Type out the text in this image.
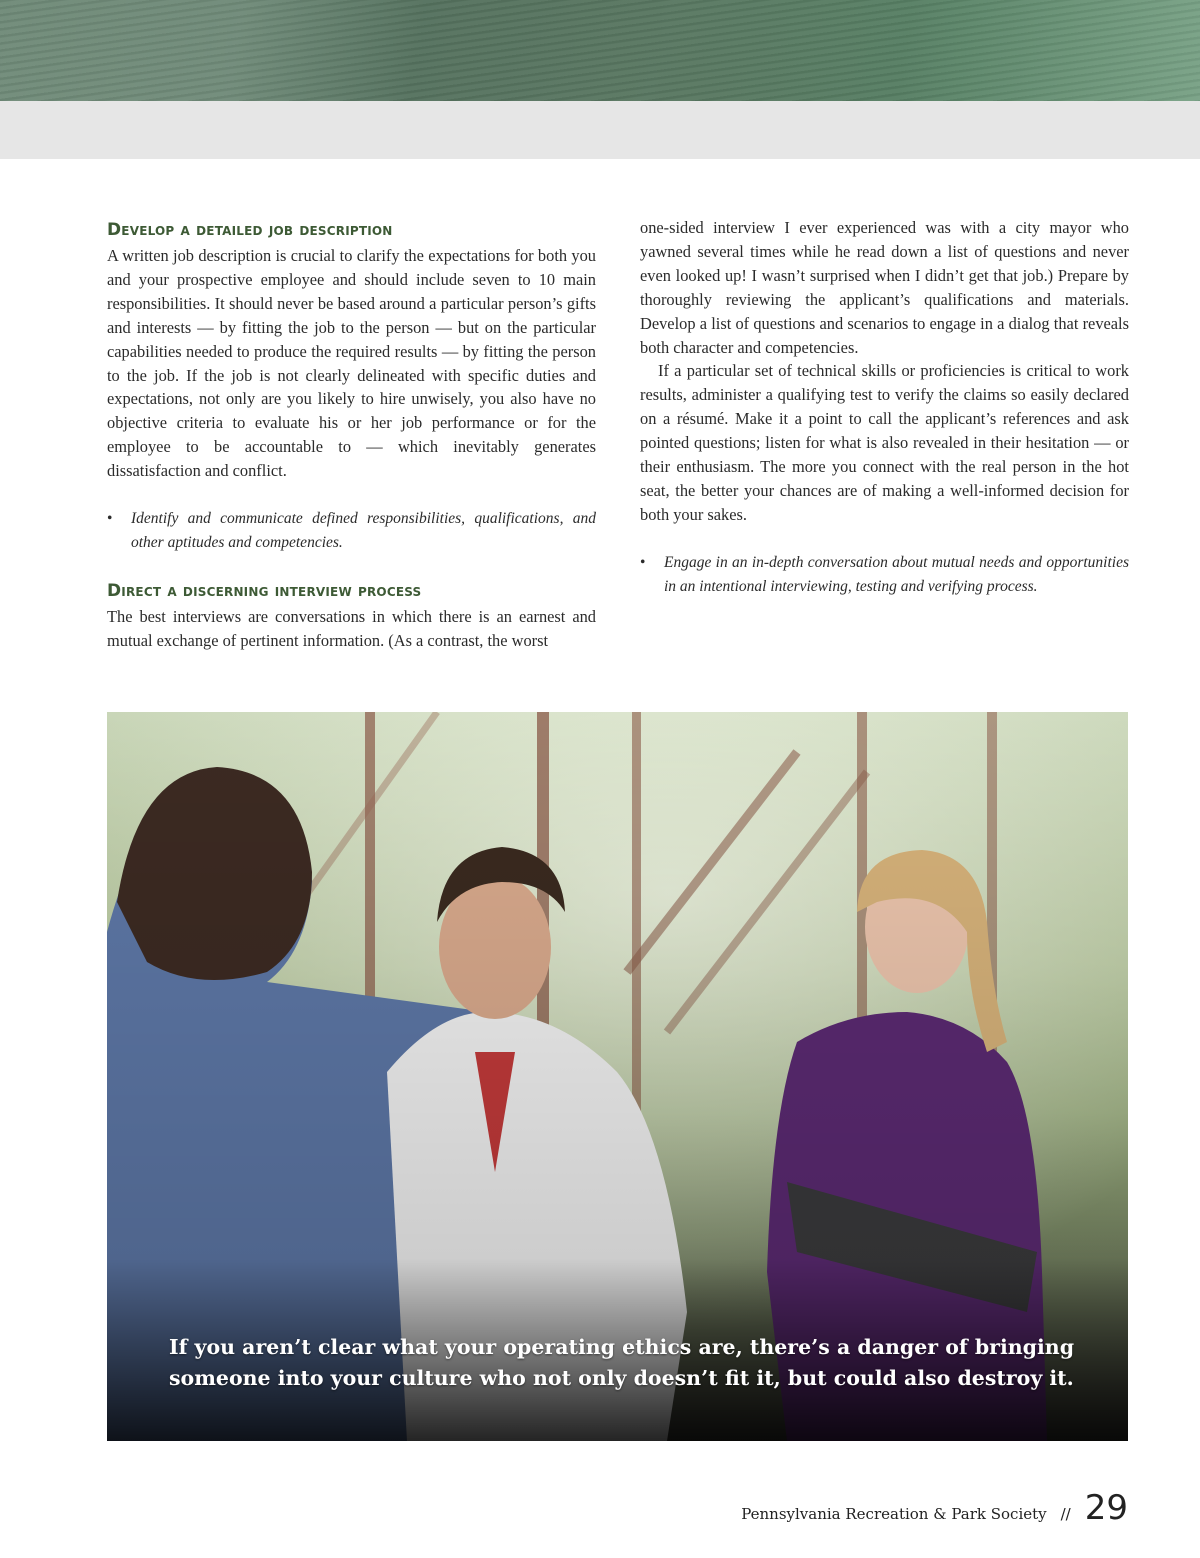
Develop a detailed job description

A written job description is crucial to clarify the expectations for both you and your prospective employee and should include seven to 10 main responsibilities. It should never be based around a particular person’s gifts and interests — by fitting the job to the person — but on the particular capabilities needed to produce the required results — by fitting the person to the job. If the job is not clearly delineated with specific duties and expectations, not only are you likely to hire unwisely, you also have no objective criteria to evaluate his or her job performance or for the employee to be accountable to — which inevitably generates dissatisfaction and conflict.

• Identify and communicate defined responsibilities, qualifications, and other aptitudes and competencies.
Direct a discerning interview process

The best interviews are conversations in which there is an earnest and mutual exchange of pertinent information. (As a contrast, the worst

one-sided interview I ever experienced was with a city mayor who yawned several times while he read down a list of questions and never even looked up! I wasn’t surprised when I didn’t get that job.) Prepare by thoroughly reviewing the applicant’s qualifications and materials. Develop a list of questions and scenarios to engage in a dialog that reveals both character and competencies.

If a particular set of technical skills or proficiencies is critical to work results, administer a qualifying test to verify the claims so easily declared on a résumé. Make it a point to call the applicant’s references and ask pointed questions; listen for what is also revealed in their hesitation — or their enthusiasm. The more you connect with the real person in the hot seat, the better your chances are of making a well-informed decision for both your sakes.

• Engage in an in-depth conversation about mutual needs and opportunities in an intentional interviewing, testing and verifying process.
If you aren’t clear what your operating ethics are, there’s a danger of bringing someone into your culture who not only doesn’t fit it, but could also destroy it.
Pennsylvania Recreation & Park Society // 29
